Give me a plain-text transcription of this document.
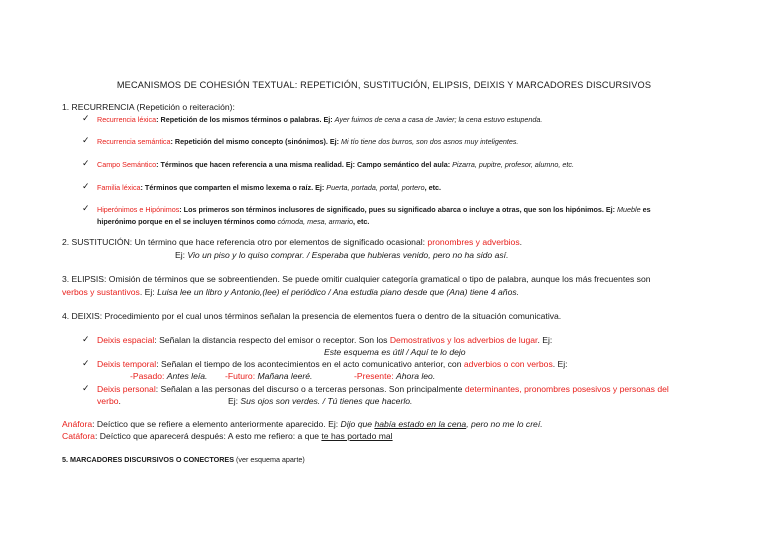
MECANISMOS DE COHESIÓN TEXTUAL: REPETICIÓN, SUSTITUCIÓN, ELIPSIS, DEIXIS Y MARCADORES DISCURSIVOS
1. RECURRENCIA (Repetición o reiteración):
✓ Recurrencia léxica: Repetición de los mismos términos o palabras. Ej: Ayer fuimos de cena a casa de Javier; la cena estuvo estupenda.
✓ Recurrencia semántica: Repetición del mismo concepto (sinónimos). Ej: Mi tío tiene dos burros, son dos asnos muy inteligentes.
✓ Campo Semántico: Términos que hacen referencia a una misma realidad. Ej: Campo semántico del aula: Pizarra, pupitre, profesor, alumno, etc.
✓ Familia léxica: Términos que comparten el mismo lexema o raíz. Ej: Puerta, portada, portal, portero, etc.
✓ Hiperónimos e Hipónimos: Los primeros son términos inclusores de significado, pues su significado abarca o incluye a otras, que son los hipónimos. Ej: Mueble es
hiperónimo porque en el se incluyen términos como cómoda, mesa, armario, etc.
2. SUSTITUCIÓN: Un término que hace referencia otro por elementos de significado ocasional: pronombres y adverbios.
Ej: Vio un piso y lo quiso comprar. / Esperaba que hubieras venido, pero no ha sido así.
3. ELIPSIS: Omisión de términos que se sobreentienden. Se puede omitir cualquier categoría gramatical o tipo de palabra, aunque los más frecuentes son
verbos y sustantivos. Ej: Luisa lee un libro y Antonio,(lee) el periódico / Ana estudia piano desde que (Ana) tiene 4 años.
4. DEIXIS: Procedimiento por el cual unos términos señalan la presencia de elementos fuera o dentro de la situación comunicativa.
✓ Deixis espacial: Señalan la distancia respecto del emisor o receptor. Son los Demostrativos y los adverbios de lugar. Ej:
Este esquema es útil / Aquí te lo dejo
✓ Deixis temporal: Señalan el tiempo de los acontecimientos en el acto comunicativo anterior, con adverbios o con verbos. Ej:
-Pasado: Antes leía. -Futuro: Mañana leeré.	-Presente: Ahora leo.
✓ Deixis personal: Señalan a las personas del discurso o a terceras personas. Son principalmente determinantes, pronombres posesivos y personas del
verbo.	Ej: Sus ojos son verdes. / Tú tienes que hacerlo.
Anáfora: Deíctico que se refiere a elemento anteriormente aparecido. Ej: Dijo que había estado en la cena, pero no me lo creí.
Catáfora: Deíctico que aparecerá después: A esto me refiero: a que te has portado mal
5. MARCADORES DISCURSIVOS O CONECTORES (ver esquema aparte)
